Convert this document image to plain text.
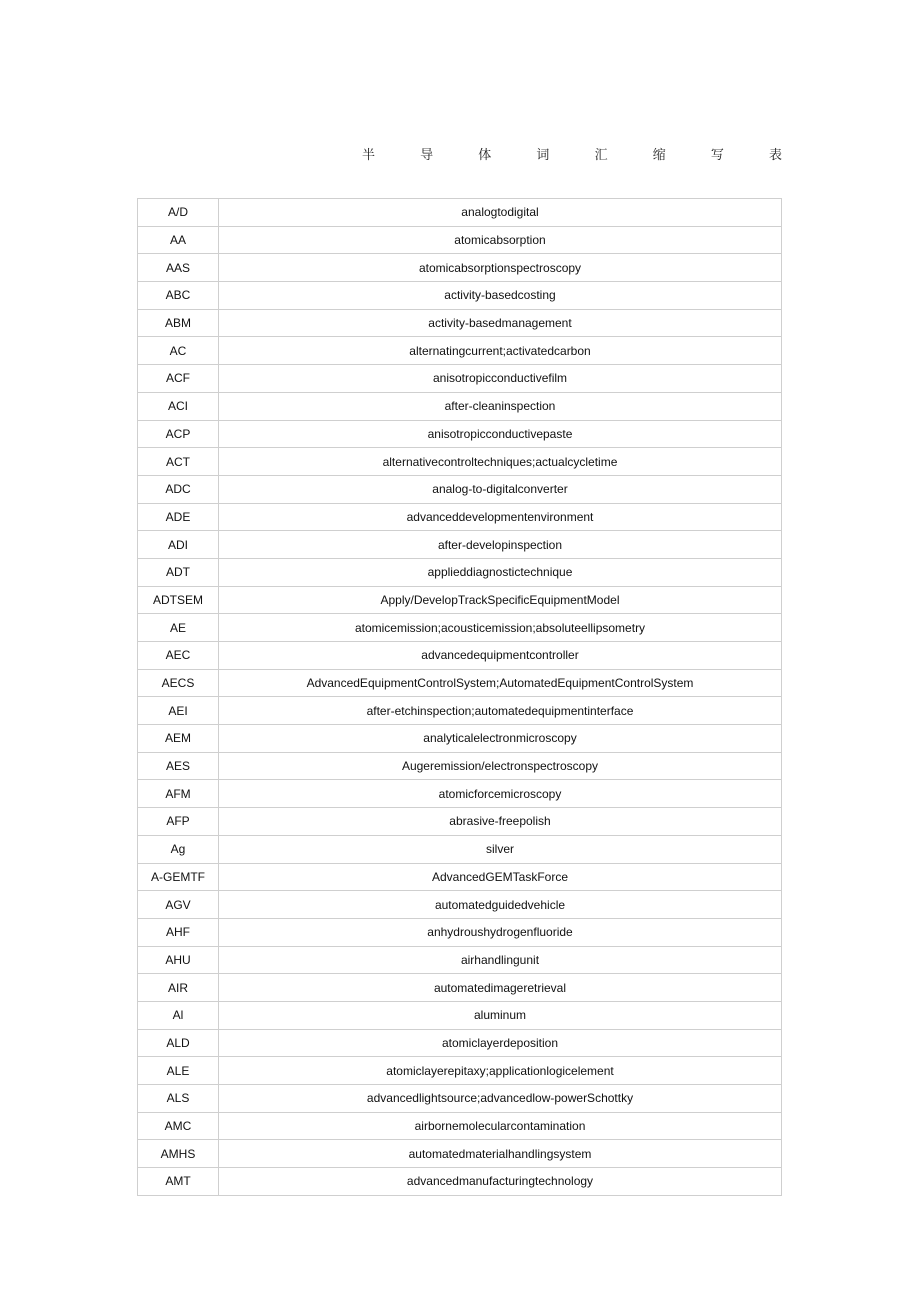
半	导	体	词	汇	缩	写	表
A/D	analogtodigital
AA	atomicabsorption
AAS	atomicabsorptionspectroscopy
ABC	activity-basedcosting
ABM	activity-basedmanagement
AC	alternatingcurrent;activatedcarbon
ACF	anisotropicconductivefilm
ACI	after-cleaninspection
ACP	anisotropicconductivepaste
ACT	alternativecontroltechniques;actualcycletime
ADC	analog-to-digitalconverter
ADE	advanceddevelopmentenvironment
ADI	after-developinspection
ADT	applieddiagnostictechnique
ADTSEM	Apply/DevelopTrackSpecificEquipmentModel
AE	atomicemission;acousticemission;absoluteellipsometry
AEC	advancedequipmentcontroller
AECS	AdvancedEquipmentControlSystem;AutomatedEquipmentControlSystem
AEI	after-etchinspection;automatedequipmentinterface
AEM	analyticalelectronmicroscopy
AES	Augeremission/electronspectroscopy
AFM	atomicforcemicroscopy
AFP	abrasive-freepolish
Ag	silver
A-GEMTF	AdvancedGEMTaskForce
AGV	automatedguidedvehicle
AHF	anhydroushydrogenfluoride
AHU	airhandlingunit
AIR	automatedimageretrieval
Al	aluminum
ALD	atomiclayerdeposition
ALE	atomiclayerepitaxy;applicationlogicelement
ALS	advancedlightsource;advancedlow-powerSchottky
AMC	airbornemolecularcontamination
AMHS	automatedmaterialhandlingsystem
AMT	advancedmanufacturingtechnology
